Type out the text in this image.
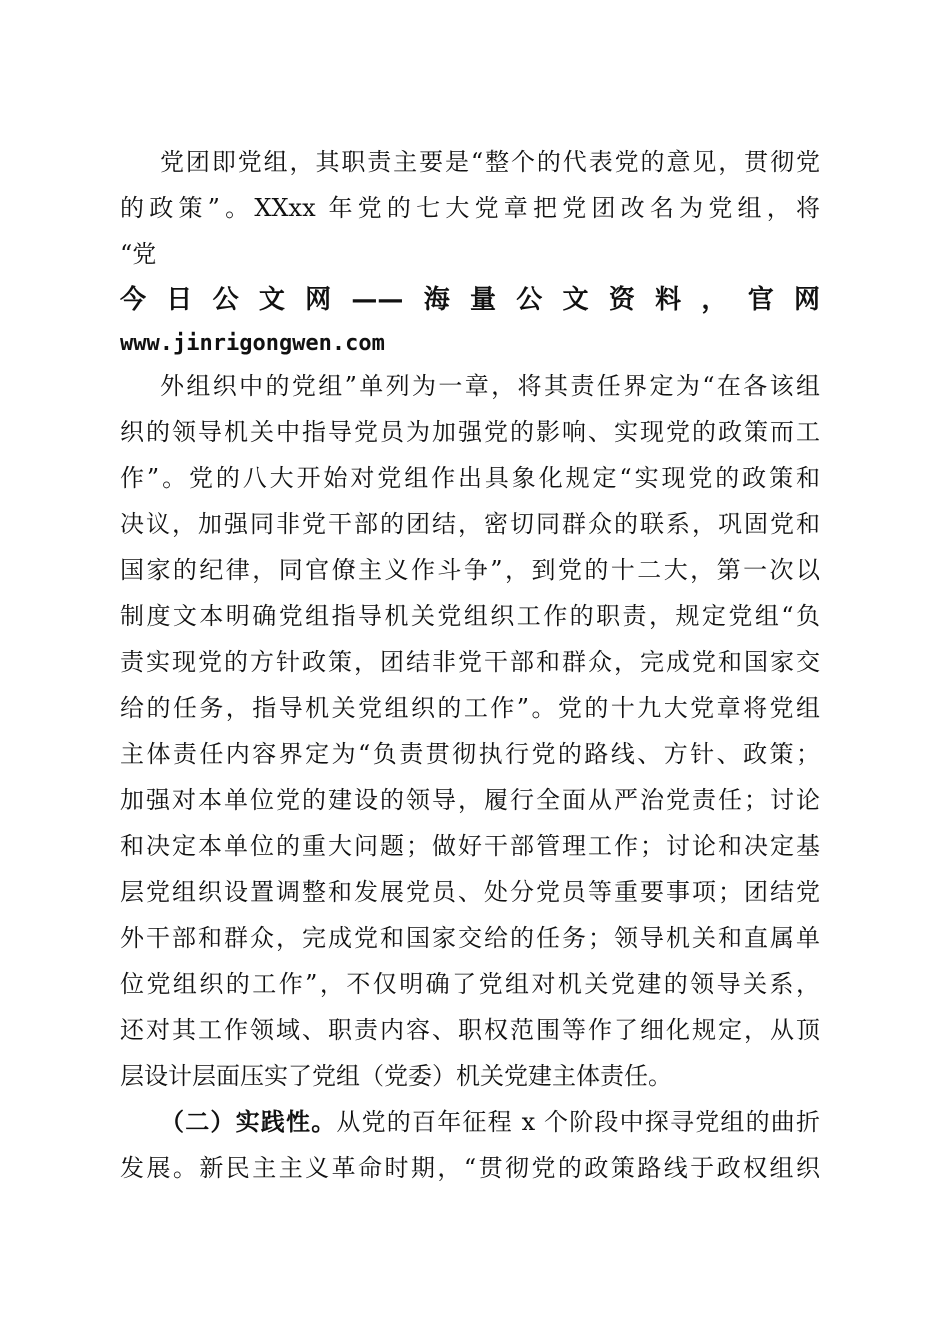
党团即党组，其职责主要是“整个的代表党的意见，贯彻党
的政策”。XXxx 年党的七大党章把党团改名为党组，将
“党
今日公文网——海量公文资料，官网
www.jinrigongwen.com
外组织中的党组”单列为一章，将其责任界定为“在各该组
织的领导机关中指导党员为加强党的影响、实现党的政策而工
作”。党的八大开始对党组作出具象化规定“实现党的政策和
决议，加强同非党干部的团结，密切同群众的联系，巩固党和
国家的纪律，同官僚主义作斗争”，到党的十二大，第一次以
制度文本明确党组指导机关党组织工作的职责，规定党组“负
责实现党的方针政策，团结非党干部和群众，完成党和国家交
给的任务，指导机关党组织的工作”。党的十九大党章将党组
主体责任内容界定为“负责贯彻执行党的路线、方针、政策；
加强对本单位党的建设的领导，履行全面从严治党责任；讨论
和决定本单位的重大问题；做好干部管理工作；讨论和决定基
层党组织设置调整和发展党员、处分党员等重要事项；团结党
外干部和群众，完成党和国家交给的任务；领导机关和直属单
位党组织的工作”，不仅明确了党组对机关党建的领导关系，
还对其工作领域、职责内容、职权范围等作了细化规定，从顶
层设计层面压实了党组（党委）机关党建主体责任。
（二）实践性。从党的百年征程 x 个阶段中探寻党组的曲折
发展。新民主主义革命时期，“贯彻党的政策路线于政权组织
